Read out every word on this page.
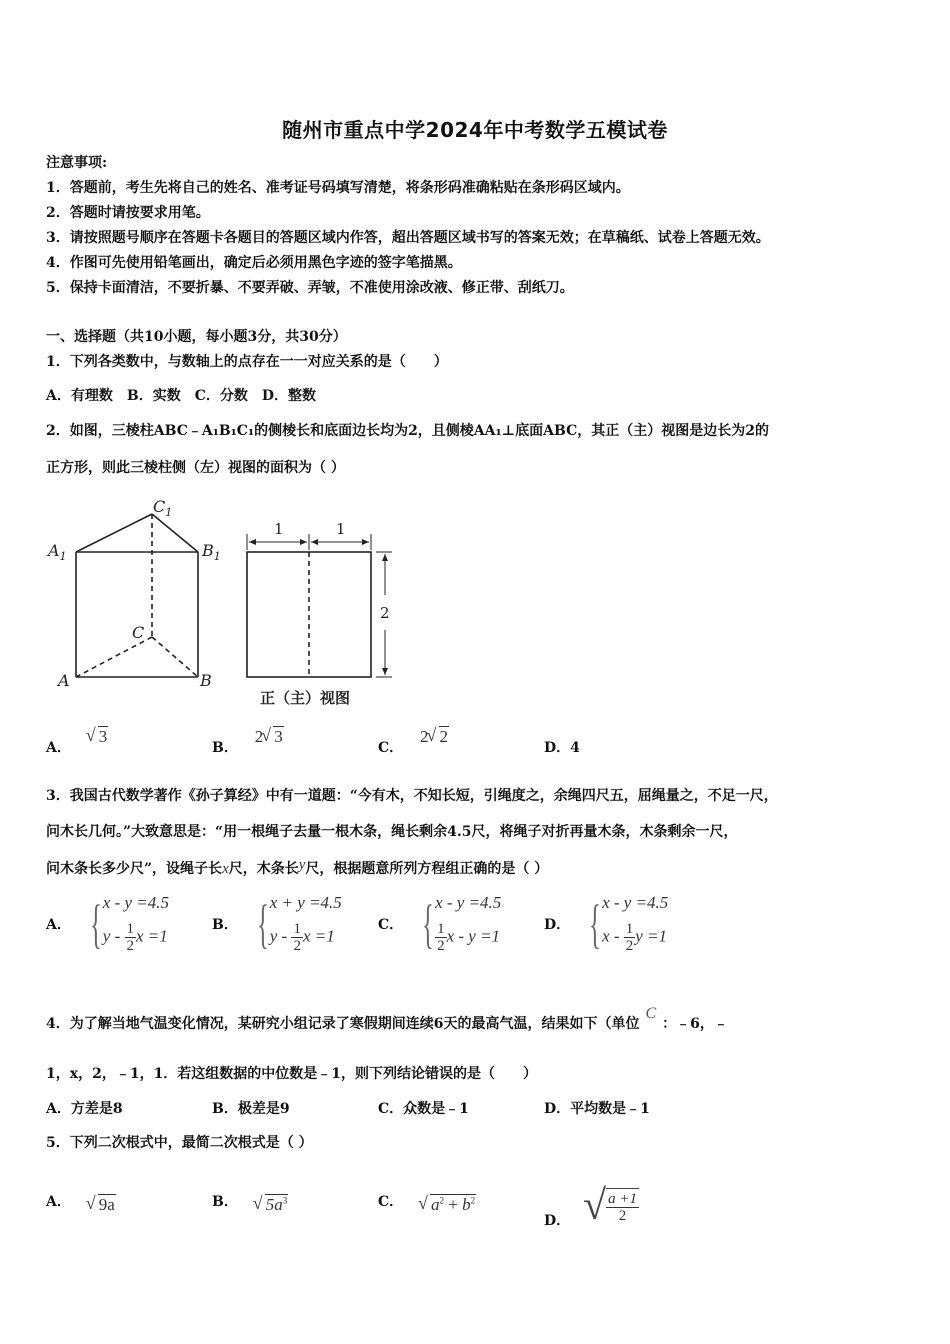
随州市重点中学2024年中考数学五模试卷
注意事项:
1．答题前，考生先将自己的姓名、准考证号码填写清楚，将条形码准确粘贴在条形码区域内。
2．答题时请按要求用笔。
3．请按照题号顺序在答题卡各题目的答题区域内作答，超出答题区域书写的答案无效；在草稿纸、试卷上答题无效。
4．作图可先使用铅笔画出，确定后必须用黑色字迹的签字笔描黑。
5．保持卡面清洁，不要折暴、不要弄破、弄皱，不准使用涂改液、修正带、刮纸刀。
一、选择题（共10小题，每小题3分，共30分）
1．下列各类数中，与数轴上的点存在一一对应关系的是（　　）
A．有理数　B．实数　C．分数　D．整数
2．如图，三棱柱ABC﹣A₁B₁C₁的侧棱长和底面边长均为2，且侧棱AA₁⊥底面ABC，其正（主）视图是边长为2的
正方形，则此三棱柱侧（左）视图的面积为（ ）
$A_1$	$B_1$
$C_1$
C
A	B
1	1
2
正（主）视图
A． √ 3
B． 2 √ 3
C． 2 √ 2
D．4
3．我国古代数学著作《孙子算经》中有一道题：“今有木，不知长短，引绳度之，余绳四尺五，屈绳量之，不足一尺，
问木长几何。”大致意思是：“用一根绳子去量一根木条，绳长剩余4.5尺，将绳子对折再量木条，木条剩余一尺，
问木条长多少尺”，设绳子长x尺，木条长y尺，根据题意所列方程组正确的是（ ）
A． { x - y =4.5
y - $\frac{1}{2}$ x =1
B． { x + y =4.5
y - $\frac{1}{2}$ x =1
C． { x - y =4.5
$\frac{1}{2}$ x - y =1
D． { x - y =4.5
x - $\frac{1}{2}$ y =1
4．为了解当地气温变化情况，某研究小组记录了寒假期间连续6天的最高气温，结果如下（单位C：﹣6，﹣
1，x，2，﹣1，1．若这组数据的中位数是﹣1，则下列结论错误的是（　　）
A．方差是8	B．极差是9	C．众数是﹣1	D．平均数是﹣1
5．下列二次根式中，最简二次根式是（ ）
A． √ 9a	B． √ $5a^3$	C． √ $a^2 + b^2$
D． √ $\frac{a +1}{2}$
